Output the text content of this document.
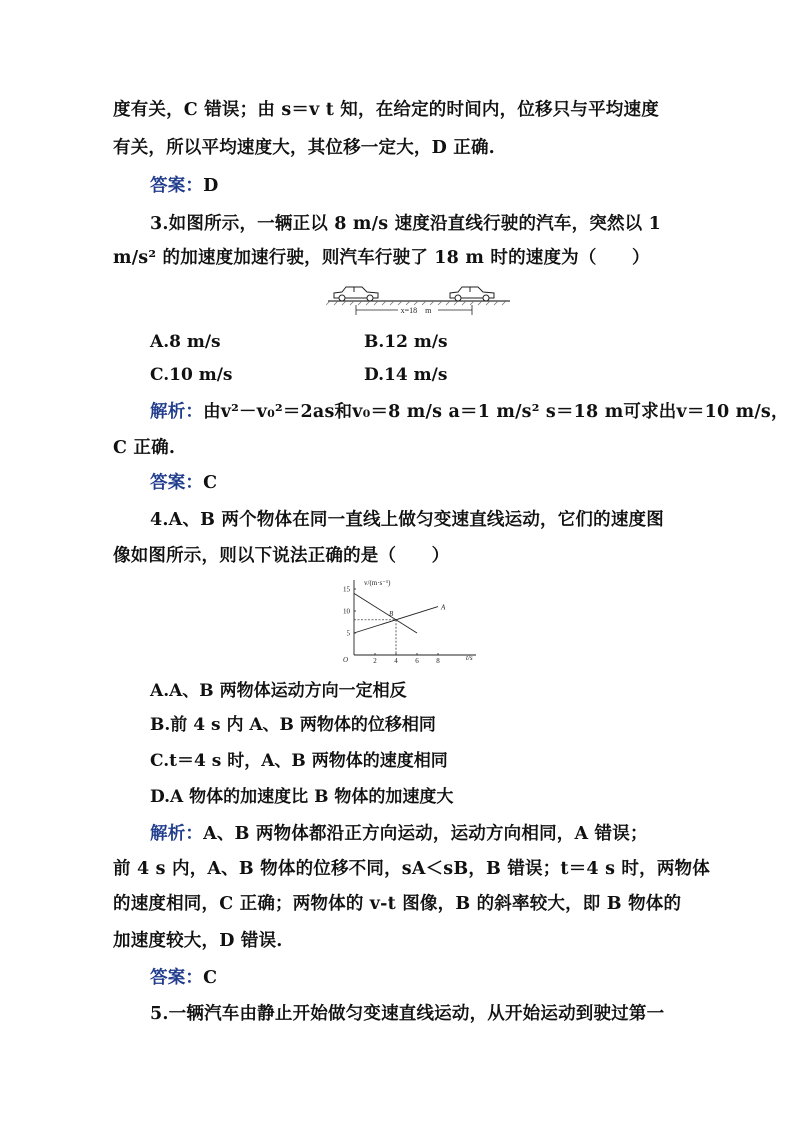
度有关，C 错误；由 s＝v t 知，在给定的时间内，位移只与平均速度
有关，所以平均速度大，其位移一定大，D 正确.
答案：D
3.如图所示，一辆正以 8 m/s 速度沿直线行驶的汽车，突然以 1
m/s² 的加速度加速行驶，则汽车行驶了 18 m 时的速度为（　　）
x=18　m
A.8 m/s	B.12 m/s
C.10 m/s	D.14 m/s
解析：由v²－v₀²＝2as和v₀＝8 m/s a＝1 m/s² s＝18 m可求出v＝10 m/s，
C 正确.
答案：C
4.A、B 两个物体在同一直线上做匀变速直线运动，它们的速度图
像如图所示，则以下说法正确的是（　　）
v/(m·s⁻¹)
t/s
O	2	4	6	8
5
10
15
A
B
A.A、B 两物体运动方向一定相反
B.前 4 s 内 A、B 两物体的位移相同
C.t＝4 s 时，A、B 两物体的速度相同
D.A 物体的加速度比 B 物体的加速度大
解析：A、B 两物体都沿正方向运动，运动方向相同，A 错误；
前 4 s 内，A、B 物体的位移不同，sA＜sB，B 错误；t＝4 s 时，两物体
的速度相同，C 正确；两物体的 v-t 图像，B 的斜率较大，即 B 物体的
加速度较大，D 错误.
答案：C
5.一辆汽车由静止开始做匀变速直线运动，从开始运动到驶过第一
